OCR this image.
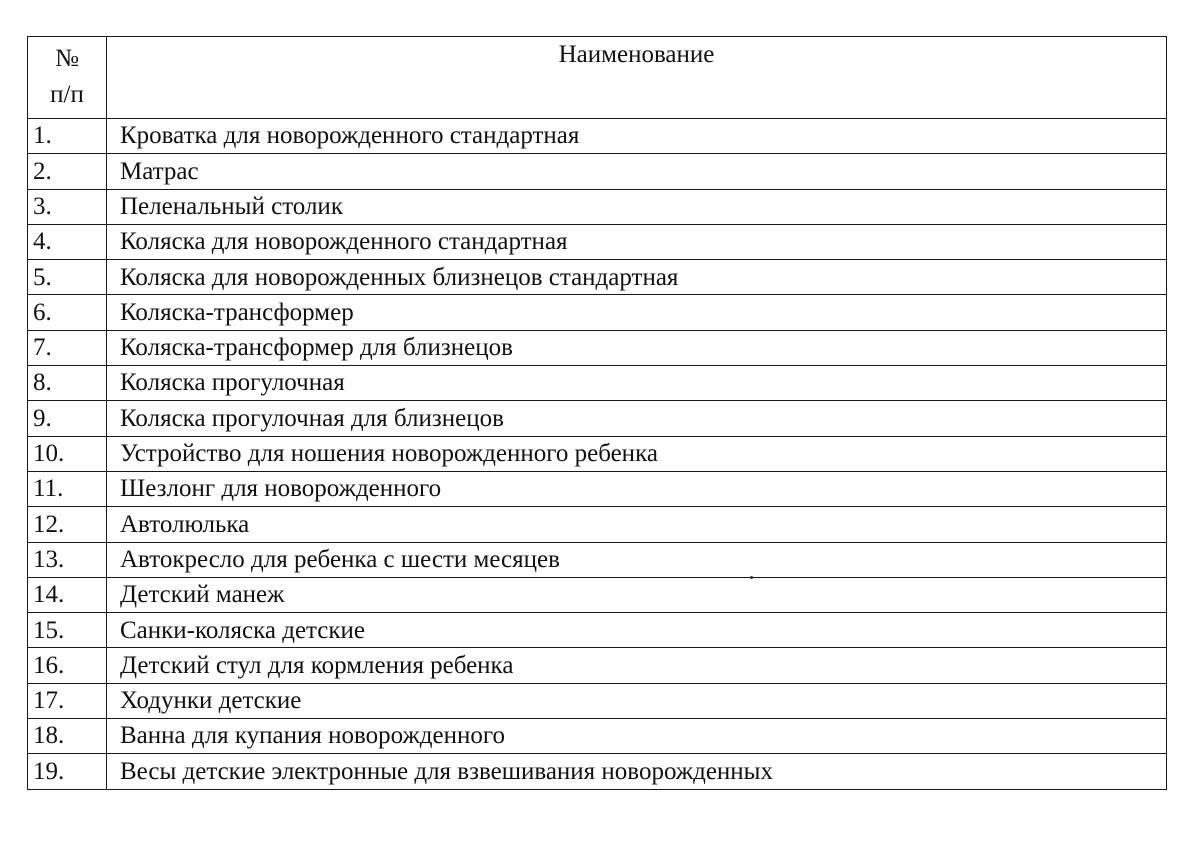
№
п/п	Наименование
1.	Кроватка для новорожденного стандартная
2.	Матрас
3.	Пеленальный столик
4.	Коляска для новорожденного стандартная
5.	Коляска для новорожденных близнецов стандартная
6.	Коляска-трансформер
7.	Коляска-трансформер для близнецов
8.	Коляска прогулочная
9.	Коляска прогулочная для близнецов
10.	Устройство для ношения новорожденного ребенка
11.	Шезлонг для новорожденного
12.	Автолюлька
13.	Автокресло для ребенка с шести месяцев
14.	Детский манеж
15.	Санки-коляска детские
16.	Детский стул для кормления ребенка
17.	Ходунки детские
18.	Ванна для купания новорожденного
19.	Весы детские электронные для взвешивания новорожденных
